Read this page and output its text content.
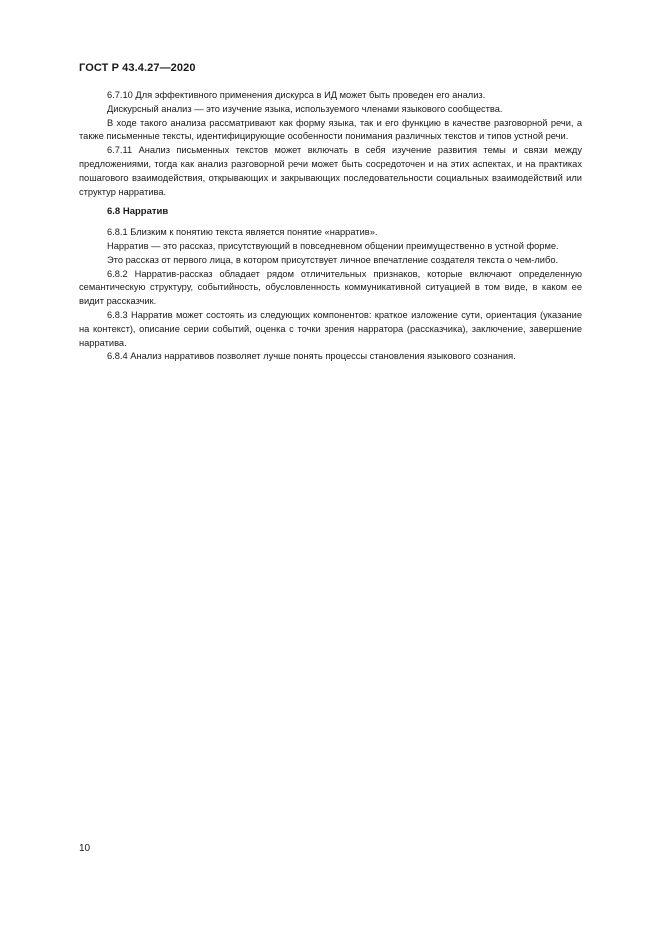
ГОСТ Р 43.4.27—2020

6.7.10 Для эффективного применения дискурса в ИД может быть проведен его анализ.

Дискурсный анализ — это изучение языка, используемого членами языкового сообщества.

В ходе такого анализа рассматривают как форму языка, так и его функцию в качестве разговорной речи, а также письменные тексты, идентифицирующие особенности понимания различных текстов и типов устной речи.

6.7.11 Анализ письменных текстов может включать в себя изучение развития темы и связи между предложениями, тогда как анализ разговорной речи может быть сосредоточен и на этих аспектах, и на практиках пошагового взаимодействия, открывающих и закрывающих последовательности социальных взаимодействий или структур нарратива.

6.8 Нарратив

6.8.1 Близким к понятию текста является понятие «нарратив».

Нарратив — это рассказ, присутствующий в повседневном общении преимущественно в устной форме.

Это рассказ от первого лица, в котором присутствует личное впечатление создателя текста о чем-либо.

6.8.2 Нарратив-рассказ обладает рядом отличительных признаков, которые включают определенную семантическую структуру, событийность, обусловленность коммуникативной ситуацией в том виде, в каком ее видит рассказчик.

6.8.3 Нарратив может состоять из следующих компонентов: краткое изложение сути, ориентация (указание на контекст), описание серии событий, оценка с точки зрения нарратора (рассказчика), заключение, завершение нарратива.

6.8.4 Анализ нарративов позволяет лучше понять процессы становления языкового сознания.

10
